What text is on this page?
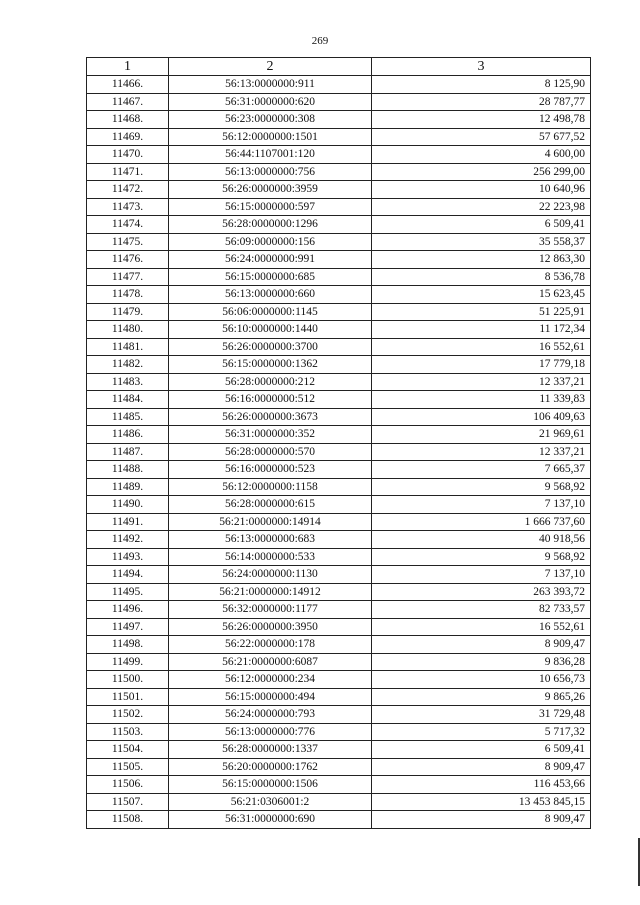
269
1	2	3
11466.	56:13:0000000:911	8 125,90
11467.	56:31:0000000:620	28 787,77
11468.	56:23:0000000:308	12 498,78
11469.	56:12:0000000:1501	57 677,52
11470.	56:44:1107001:120	4 600,00
11471.	56:13:0000000:756	256 299,00
11472.	56:26:0000000:3959	10 640,96
11473.	56:15:0000000:597	22 223,98
11474.	56:28:0000000:1296	6 509,41
11475.	56:09:0000000:156	35 558,37
11476.	56:24:0000000:991	12 863,30
11477.	56:15:0000000:685	8 536,78
11478.	56:13:0000000:660	15 623,45
11479.	56:06:0000000:1145	51 225,91
11480.	56:10:0000000:1440	11 172,34
11481.	56:26:0000000:3700	16 552,61
11482.	56:15:0000000:1362	17 779,18
11483.	56:28:0000000:212	12 337,21
11484.	56:16:0000000:512	11 339,83
11485.	56:26:0000000:3673	106 409,63
11486.	56:31:0000000:352	21 969,61
11487.	56:28:0000000:570	12 337,21
11488.	56:16:0000000:523	7 665,37
11489.	56:12:0000000:1158	9 568,92
11490.	56:28:0000000:615	7 137,10
11491.	56:21:0000000:14914	1 666 737,60
11492.	56:13:0000000:683	40 918,56
11493.	56:14:0000000:533	9 568,92
11494.	56:24:0000000:1130	7 137,10
11495.	56:21:0000000:14912	263 393,72
11496.	56:32:0000000:1177	82 733,57
11497.	56:26:0000000:3950	16 552,61
11498.	56:22:0000000:178	8 909,47
11499.	56:21:0000000:6087	9 836,28
11500.	56:12:0000000:234	10 656,73
11501.	56:15:0000000:494	9 865,26
11502.	56:24:0000000:793	31 729,48
11503.	56:13:0000000:776	5 717,32
11504.	56:28:0000000:1337	6 509,41
11505.	56:20:0000000:1762	8 909,47
11506.	56:15:0000000:1506	116 453,66
11507.	56:21:0306001:2	13 453 845,15
11508.	56:31:0000000:690	8 909,47
